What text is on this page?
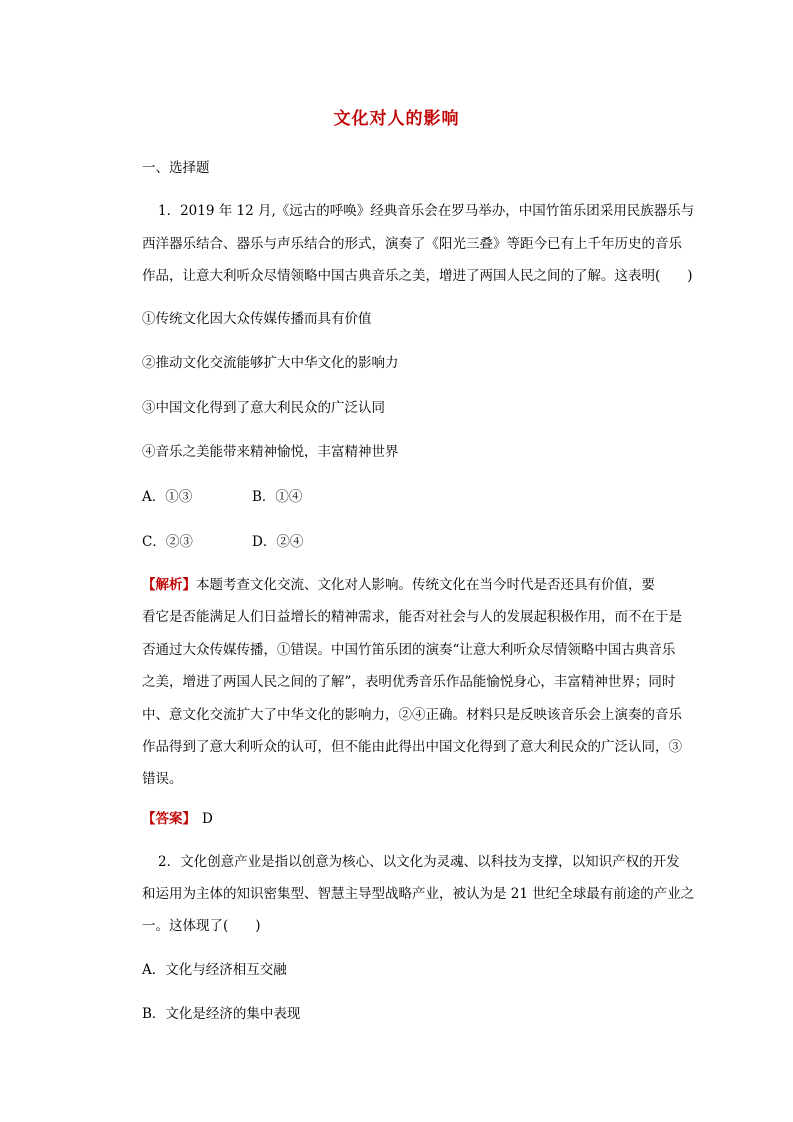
文化对人的影响
一、选择题
1．2019 年 12 月,《远古的呼唤》经典音乐会在罗马举办，中国竹笛乐团采用民族器乐与
西洋器乐结合、器乐与声乐结合的形式，演奏了《阳光三叠》等距今已有上千年历史的音乐
作品，让意大利听众尽情领略中国古典音乐之美，增进了两国人民之间的了解。这表明(　　)
①传统文化因大众传媒传播而具有价值
②推动文化交流能够扩大中华文化的影响力
③中国文化得到了意大利民众的广泛认同
④音乐之美能带来精神愉悦，丰富精神世界
A．①③	B．①④
C．②③	D．②④
【解析】本题考查文化交流、文化对人影响。传统文化在当今时代是否还具有价值，要
看它是否能满足人们日益增长的精神需求，能否对社会与人的发展起积极作用，而不在于是
否通过大众传媒传播，①错误。中国竹笛乐团的演奏“让意大利听众尽情领略中国古典音乐
之美，增进了两国人民之间的了解”，表明优秀音乐作品能愉悦身心，丰富精神世界；同时
中、意文化交流扩大了中华文化的影响力，②④正确。材料只是反映该音乐会上演奏的音乐
作品得到了意大利听众的认可，但不能由此得出中国文化得到了意大利民众的广泛认同，③
错误。
【答案】 D
2．文化创意产业是指以创意为核心、以文化为灵魂、以科技为支撑，以知识产权的开发
和运用为主体的知识密集型、智慧主导型战略产业，被认为是 21 世纪全球最有前途的产业之
一。这体现了(　　)
A．文化与经济相互交融
B．文化是经济的集中表现
